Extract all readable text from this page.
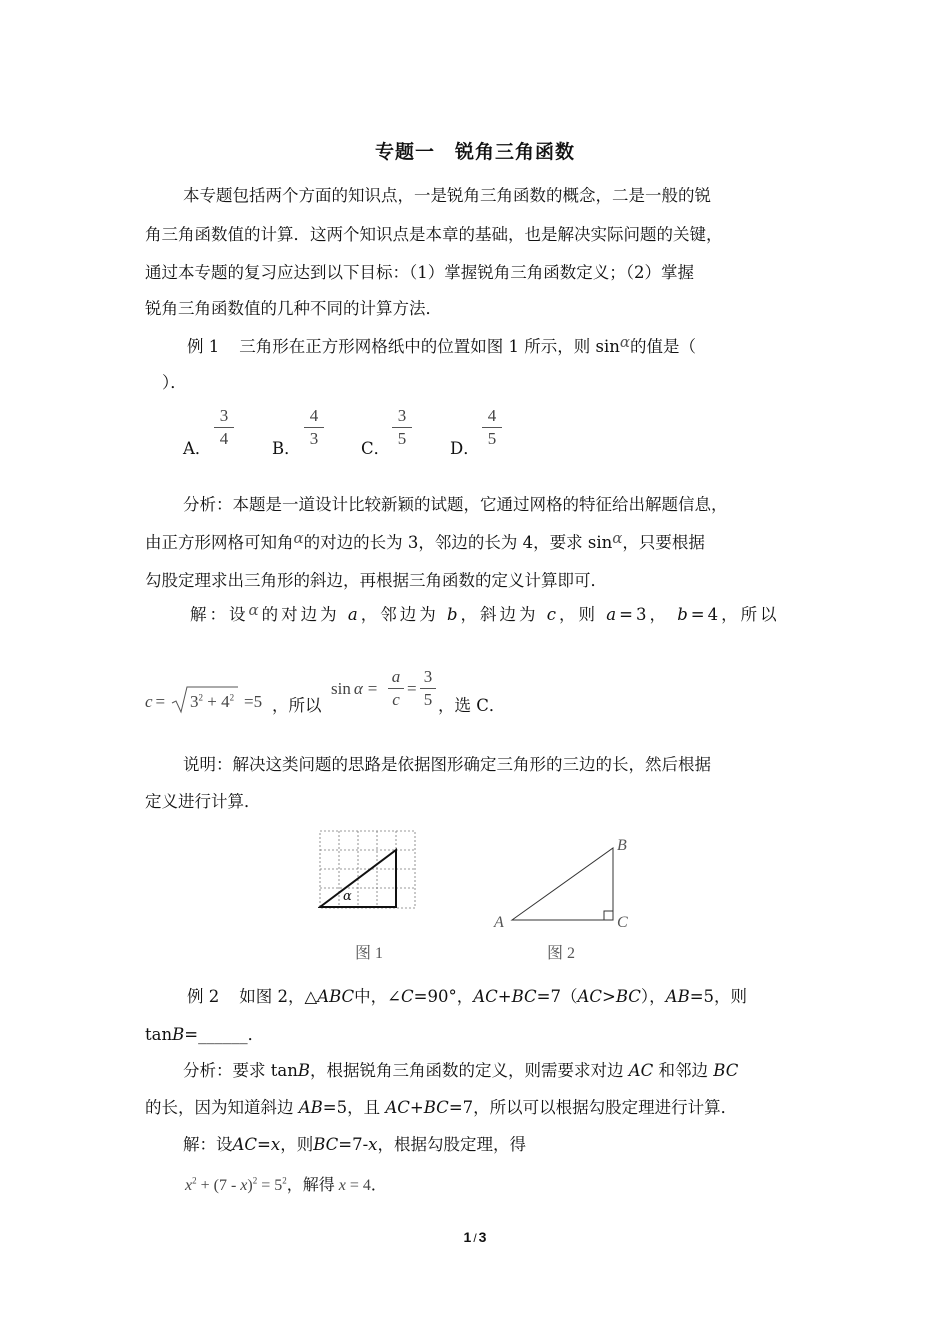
专题一　锐角三角函数
本专题包括两个方面的知识点，一是锐角三角函数的概念，二是一般的锐
角三角函数值的计算．这两个知识点是本章的基础，也是解决实际问题的关键，
通过本专题的复习应达到以下目标：（1）掌握锐角三角函数定义；（2）掌握
锐角三角函数值的几种不同的计算方法．
例 1 三角形在正方形网格纸中的位置如图 1 所示，则 sinα的值是（
）．
A．
3
4
B．
4
3
C．
3
5
D．
4
5
分析：本题是一道设计比较新颖的试题，它通过网格的特征给出解题信息，
由正方形网格可知角α的对边的长为 3，邻边的长为 4，要求 sinα，只要根据
勾股定理求出三角形的斜边，再根据三角函数的定义计算即可．
解：设α的对边为 a，邻边为 b，斜边为 c，则 a=3， b=4，所以
$c = 3^2 + 4^2 =5$ ，所以
sin α =
a
c
=
3
5 ，选 C．
说明：解决这类问题的思路是依据图形确定三角形的三边的长，然后根据
定义进行计算．
α
图 1
A
B
C
图 2
例 2 如图 2，△ABC中，∠C=90°，AC+BC=7（AC>BC），AB=5，则
tanB=______．
分析：要求 tanB，根据锐角三角函数的定义，则需要求对边 AC 和邻边 BC
的长，因为知道斜边 AB=5，且 AC+BC=7，所以可以根据勾股定理进行计算．
解：设AC=x，则BC=7-x，根据勾股定理，得
$x^2 + (7 - x)^2 = 5^2$，解得 x = 4．
1 / 3
